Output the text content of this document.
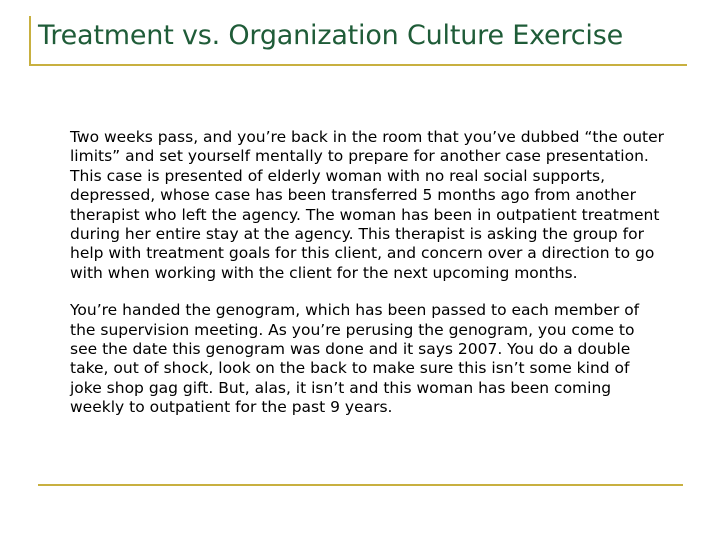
Treatment vs. Organization Culture Exercise

Two weeks pass, and you’re back in the room that you’ve dubbed “the outer limits” and set yourself mentally to prepare for another case presentation. This case is presented of elderly woman with no real social supports, depressed, whose case has been transferred 5 months ago from another therapist who left the agency. The woman has been in outpatient treatment during her entire stay at the agency. This therapist is asking the group for help with treatment goals for this client, and concern over a direction to go with when working with the client for the next upcoming months.

You’re handed the genogram, which has been passed to each member of the supervision meeting. As you’re perusing the genogram, you come to see the date this genogram was done and it says 2007. You do a double take, out of shock, look on the back to make sure this isn’t some kind of joke shop gag gift. But, alas, it isn’t and this woman has been coming weekly to outpatient for the past 9 years.
